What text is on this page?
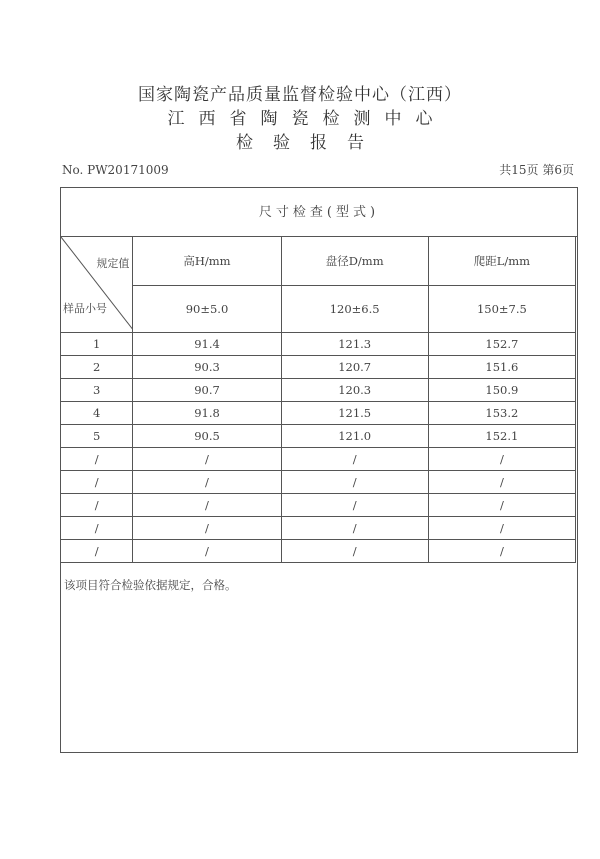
国家陶瓷产品质量监督检验中心（江西）
江西省陶瓷检测中心
检验报告
No. PW20171009	共15页 第6页
尺寸检查(型式)
规定值
样品小号	高H/mm	盘径D/mm	爬距L/mm
	90±5.0	120±6.5	150±7.5
1	91.4	121.3	152.7
2	90.3	120.7	151.6
3	90.7	120.3	150.9
4	91.8	121.5	153.2
5	90.5	121.0	152.1
/	/	/	/
/	/	/	/
/	/	/	/
/	/	/	/
/	/	/	/
该项目符合检验依据规定，合格。
